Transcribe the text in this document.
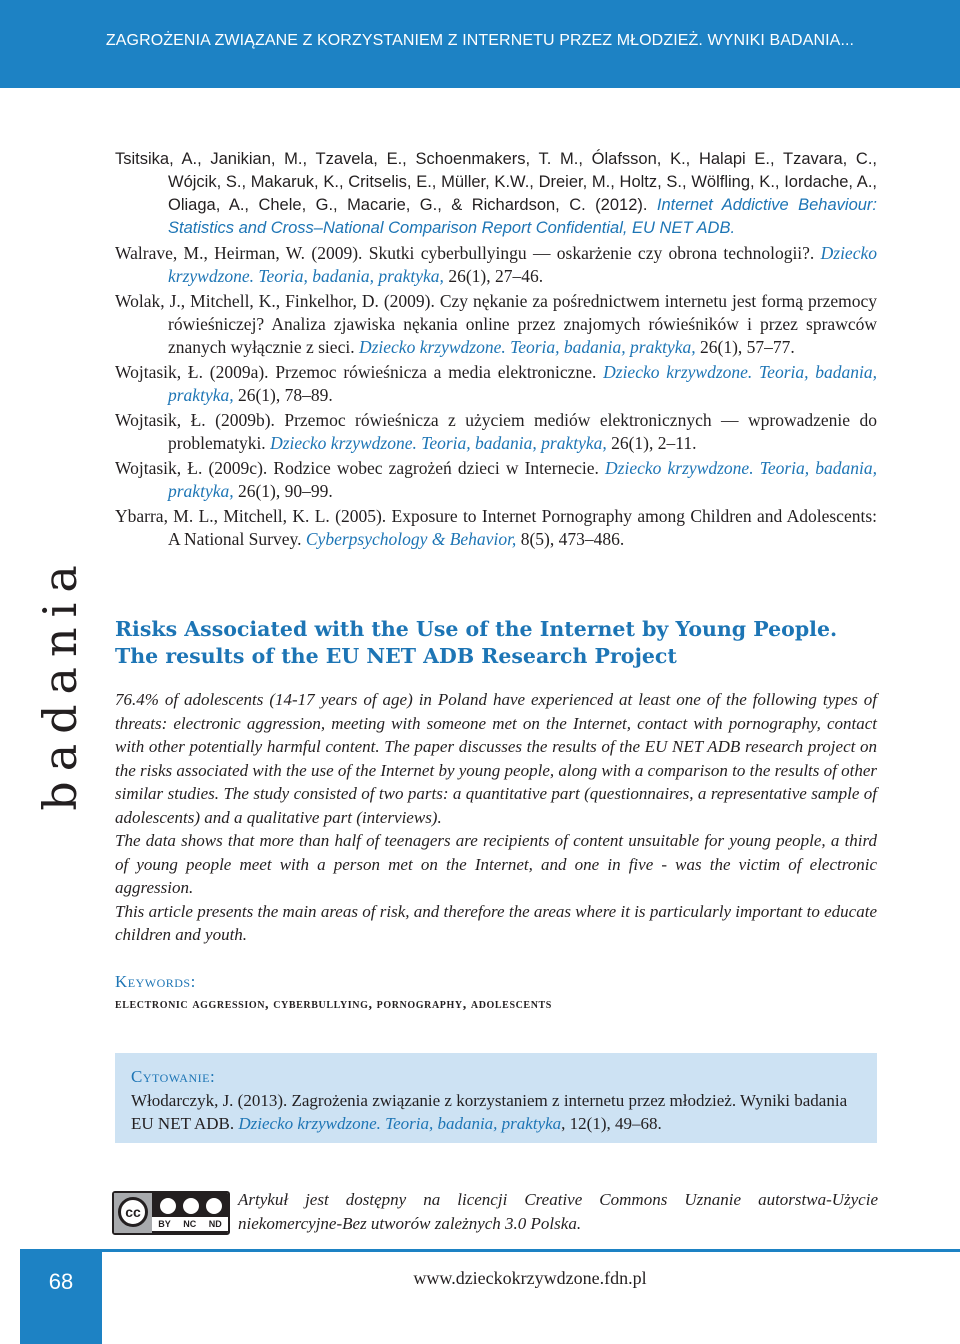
ZAGROŻENIA ZWIĄZANE Z KORZYSTANIEM Z INTERNETU PRZEZ MŁODZIEŻ. WYNIKI BADANIA...
badania

Tsitsika, A., Janikian, M., Tzavela, E., Schoenmakers, T. M., Ólafsson, K., Halapi E., Tzavara, C., Wójcik, S., Makaruk, K., Critselis, E., Müller, K.W., Dreier, M., Holtz, S., Wölfling, K., Iordache, A., Oliaga, A., Chele, G., Macarie, G., & Richardson, C. (2012). Internet Addictive Behaviour: Statistics and Cross–National Comparison Report Confidential, EU NET ADB.

Walrave, M., Heirman, W. (2009). Skutki cyberbullyingu — oskarżenie czy obrona technologii?. Dziecko krzywdzone. Teoria, badania, praktyka, 26(1), 27–46.

Wolak, J., Mitchell, K., Finkelhor, D. (2009). Czy nękanie za pośrednictwem internetu jest formą przemocy rówieśniczej? Analiza zjawiska nękania online przez znajomych rówieśników i przez sprawców znanych wyłącznie z sieci. Dziecko krzywdzone. Teoria, badania, praktyka, 26(1), 57–77.

Wojtasik, Ł. (2009a). Przemoc rówieśnicza a media elektroniczne. Dziecko krzywdzone. Teoria, badania, praktyka, 26(1), 78–89.

Wojtasik, Ł. (2009b). Przemoc rówieśnicza z użyciem mediów elektronicznych — wprowadzenie do problematyki. Dziecko krzywdzone. Teoria, badania, praktyka, 26(1), 2–11.

Wojtasik, Ł. (2009c). Rodzice wobec zagrożeń dzieci w Internecie. Dziecko krzywdzone. Teoria, badania, praktyka, 26(1), 90–99.

Ybarra, M. L., Mitchell, K. L. (2005). Exposure to Internet Pornography among Children and Adolescents: A National Survey. Cyberpsychology & Behavior, 8(5), 473–486.

Risks Associated with the Use of the Internet by Young People.
The results of the EU NET ADB Research Project

76.4% of adolescents (14-17 years of age) in Poland have experienced at least one of the following types of threats: electronic aggression, meeting with someone met on the Internet, contact with pornography, contact with other potentially harmful content. The paper discusses the results of the EU NET ADB research project on the risks associated with the use of the Internet by young people, along with a comparison to the results of other similar studies. The study consisted of two parts: a quantitative part (questionnaires, a representative sample of adolescents) and a qualitative part (interviews).

The data shows that more than half of teenagers are recipients of content unsuitable for young people, a third of young people meet with a person met on the Internet, and one in five - was the victim of electronic aggression.

This article presents the main areas of risk, and therefore the areas where it is particularly important to educate children and youth.

Keywords:
electronic aggression, cyberbullying, pornography, adolescents
Cytowanie:
Włodarczyk, J. (2013). Zagrożenia związanie z korzystaniem z internetu przez młodzież. Wyniki badania EU NET ADB. Dziecko krzywdzone. Teoria, badania, praktyka, 12(1), 49–68.
cc
BY NC ND
Artykuł jest dostępny na licencji Creative Commons Uznanie autorstwa-Użycie niekomercyjne-Bez utworów zależnych 3.0 Polska.
68	www.dzieckokrzywdzone.fdn.pl
